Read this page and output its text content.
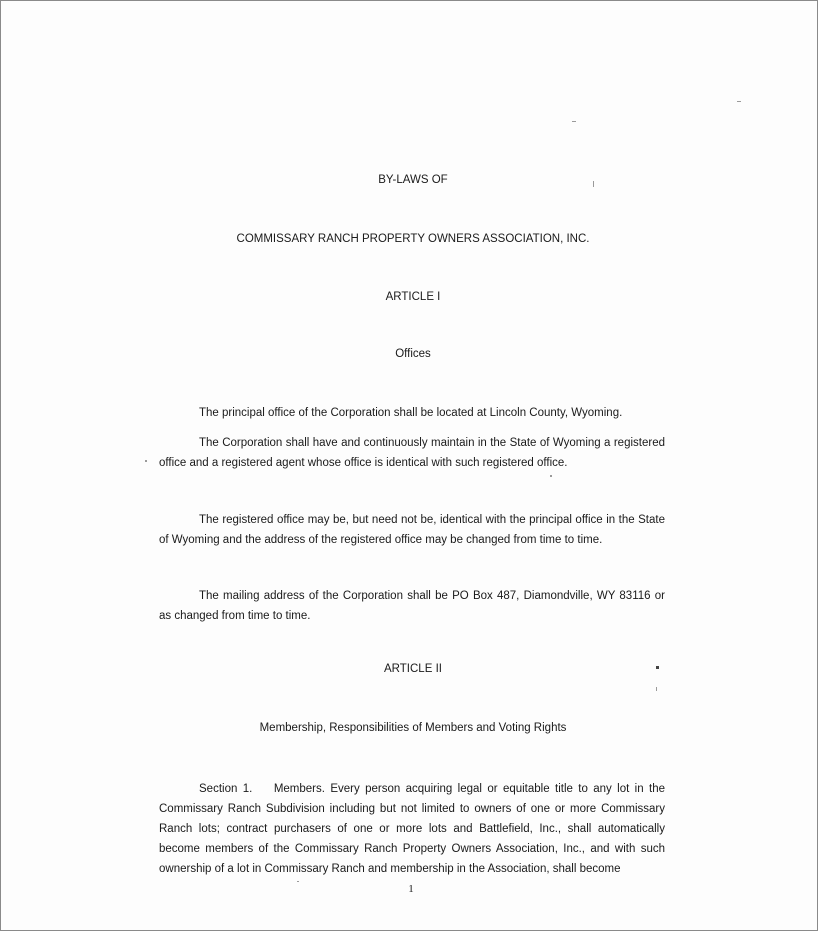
BY-LAWS OF
COMMISSARY RANCH PROPERTY OWNERS ASSOCIATION, INC.
ARTICLE I
Offices
The principal office of the Corporation shall be located at Lincoln County, Wyoming.
The Corporation shall have and continuously maintain in the State of Wyoming a registered office and a registered agent whose office is identical with such registered office.
The registered office may be, but need not be, identical with the principal office in the State of Wyoming and the address of the registered office may be changed from time to time.
The mailing address of the Corporation shall be PO Box 487, Diamondville, WY 83116 or as changed from time to time.
ARTICLE II
Membership, Responsibilities of Members and Voting Rights
Section 1. Members. Every person acquiring legal or equitable title to any lot in the Commissary Ranch Subdivision including but not limited to owners of one or more Commissary Ranch lots; contract purchasers of one or more lots and Battlefield, Inc., shall automatically become members of the Commissary Ranch Property Owners Association, Inc., and with such ownership of a lot in Commissary Ranch and membership in the Association, shall become
1
